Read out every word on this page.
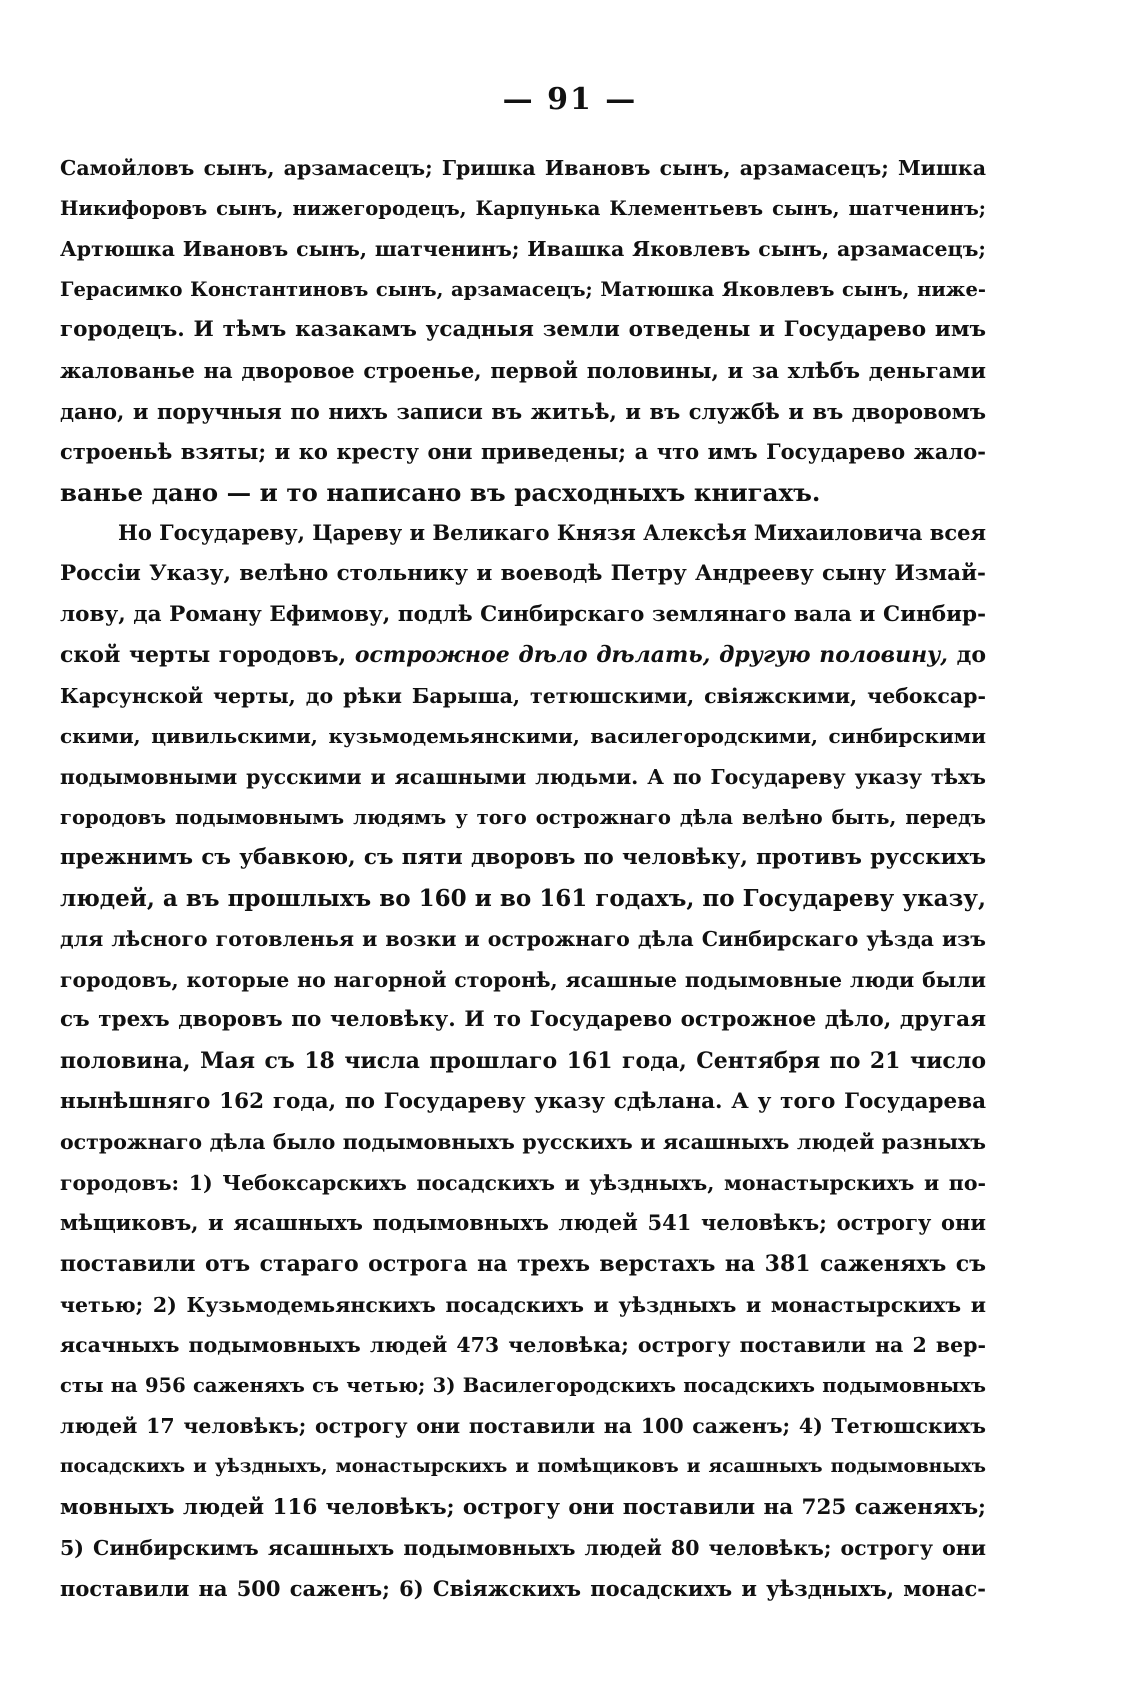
— 91 —
Самойловъ сынъ, арзамасецъ; Гришка Ивановъ сынъ, арзамасецъ; Мишка
Никифоровъ сынъ, нижегородецъ, Карпунька Клементьевъ сынъ, шатчeнинъ;
Артюшка Ивановъ сынъ, шатченинъ; Ивашка Яковлевъ сынъ, арзамасецъ;
Герасимко Константиновъ сынъ, арзамасецъ; Матюшка Яковлевъ сынъ, ниже-
городецъ. И тѣмъ казакамъ усадныя земли отведены и Государево имъ
жалованье на дворовое строенье, первой половины, и за хлѣбъ деньгами
дано, и поручныя по нихъ записи въ житьѣ, и въ службѣ и въ дворовомъ
строеньѣ взяты; и ко кресту они приведены; а что имъ Государево жало-
ванье дано — и то написано въ расходныхъ книгахъ.
Но Государеву, Цареву и Великаго Князя Алексѣя Михаиловича всея
Россіи Указу, велѣно стольнику и воеводѣ Петру Андрееву сыну Измай-
лову, да Роману Ефимову, подлѣ Синбирскаго землянаго вала и Синбир-
ской черты городовъ, острожное дѣло дѣлать, другую половину, до
Карсунской черты, до рѣки Барыша, тетюшскими, свіяжскими, чебоксар-
скими, цивильскими, кузьмодемьянскими, василегородскими, синбирскими
подымовными русскими и ясашными людьми. А по Государеву указу тѣхъ
городовъ подымовнымъ людямъ у того острожнаго дѣла велѣно быть, передъ
прежнимъ съ убавкою, съ пяти дворовъ по человѣку, противъ русскихъ
людей, а въ прошлыхъ во 160 и во 161 годахъ, по Государеву указу,
для лѣсного готовленья и возки и острожнаго дѣла Синбирскаго уѣзда изъ
городовъ, которые но нагорной сторонѣ, ясашные подымовные люди были
съ трехъ дворовъ по человѣку. И то Государево острожное дѣло, другая
половина, Мая съ 18 числа прошлаго 161 года, Сентября по 21 число
нынѣшняго 162 года, по Государеву указу сдѣлана. А у того Государева
острожнаго дѣла было подымовныхъ русскихъ и ясашныхъ людей разныхъ
городовъ: 1) Чебоксарскихъ посадскихъ и уѣздныхъ, монастырскихъ и по-
мѣщиковъ, и ясашныхъ подымовныхъ людей 541 человѣкъ; острогу они
поставили отъ стараго острога на трехъ верстахъ на 381 саженяхъ съ
четью; 2) Кузьмодемьянскихъ посадскихъ и уѣздныхъ и монастырскихъ и
ясачныхъ подымовныхъ людей 473 человѣка; острогу поставили на 2 вер-
сты на 956 саженяхъ съ четью; 3) Василегородскихъ посадскихъ подымовныхъ
людей 17 человѣкъ; острогу они поставили на 100 саженъ; 4) Тетюшскихъ
посадскихъ и уѣздныхъ, монастырскихъ и помѣщиковъ и ясашныхъ подымовныхъ
мовныхъ людей 116 человѣкъ; острогу они поставили на 725 саженяхъ;
5) Синбирскимъ ясашныхъ подымовныхъ людей 80 человѣкъ; острогу они
поставили на 500 саженъ; 6) Свіяжскихъ посадскихъ и уѣздныхъ, монас-
